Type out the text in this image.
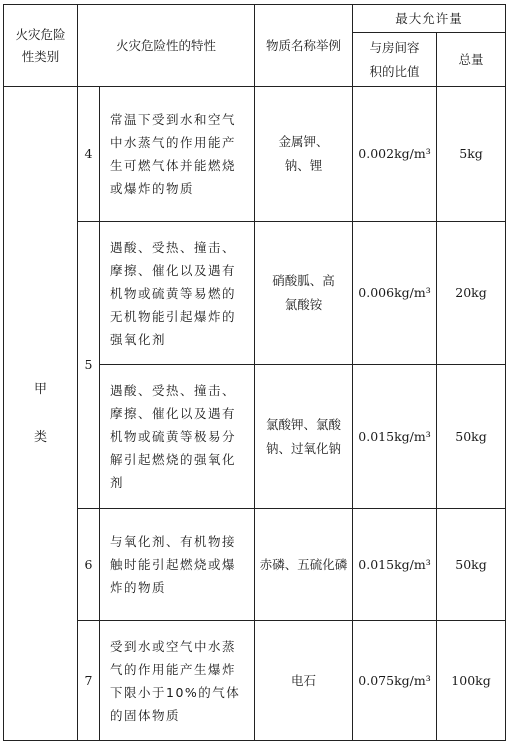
火灾危险性类别	火灾危险性的特性		物质名称举例	最大允许量	
				与房间容积的比值	总量

甲
类	4	常温下受到水和空气中水蒸气的作用能产生可燃气体并能燃烧或爆炸的物质	金属钾、钠、锂	0.002kg/m³	5kg
	5	遇酸、受热、撞击、摩擦、催化以及遇有机物或硫黄等易燃的无机物能引起爆炸的强氧化剂	硝酸胍、高氯酸铵	0.006kg/m³	20kg
		遇酸、受热、撞击、摩擦、催化以及遇有机物或硫黄等极易分解引起燃烧的强氧化剂	氯酸钾、氯酸钠、过氧化钠	0.015kg/m³	50kg
	6	与氧化剂、有机物接触时能引起燃烧或爆炸的物质	赤磷、五硫化磷	0.015kg/m³	50kg
	7	受到水或空气中水蒸气的作用能产生爆炸下限小于10%的气体的固体物质	电石	0.075kg/m³	100kg
